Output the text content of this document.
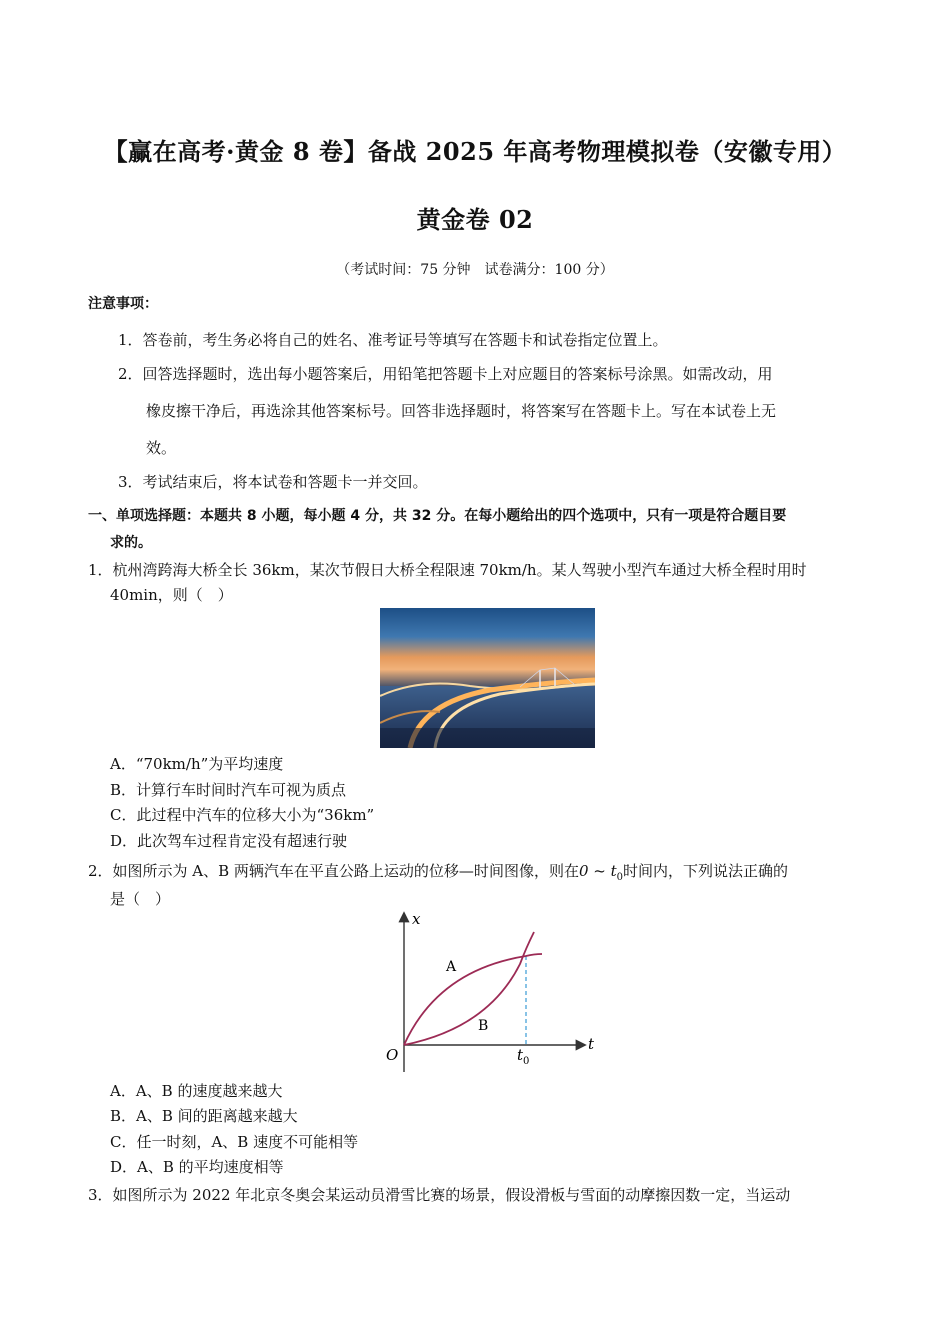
【赢在高考·黄金 8 卷】备战 2025 年高考物理模拟卷（安徽专用）
黄金卷 02
（考试时间：75 分钟　试卷满分：100 分）
注意事项：
1．答卷前，考生务必将自己的姓名、准考证号等填写在答题卡和试卷指定位置上。
2．回答选择题时，选出每小题答案后，用铅笔把答题卡上对应题目的答案标号涂黑。如需改动，用
橡皮擦干净后，再选涂其他答案标号。回答非选择题时，将答案写在答题卡上。写在本试卷上无
效。
3．考试结束后，将本试卷和答题卡一并交回。
一、单项选择题：本题共 8 小题，每小题 4 分，共 32 分。在每小题给出的四个选项中，只有一项是符合题目要
求的。
1．杭州湾跨海大桥全长 36km，某次节假日大桥全程限速 70km/h。某人驾驶小型汽车通过大桥全程时用时
40min，则（　）
A．“70km/h”为平均速度
B．计算行车时间时汽车可视为质点
C．此过程中汽车的位移大小为“36km”
D．此次驾车过程肯定没有超速行驶
2．如图所示为 A、B 两辆汽车在平直公路上运动的位移—时间图像，则在0 ~ $t_0$时间内，下列说法正确的
是（　）
x
t
O	$t_0$
A
B
A．A、B 的速度越来越大
B．A、B 间的距离越来越大
C．任一时刻，A、B 速度不可能相等
D．A、B 的平均速度相等
3．如图所示为 2022 年北京冬奥会某运动员滑雪比赛的场景，假设滑板与雪面的动摩擦因数一定，当运动
